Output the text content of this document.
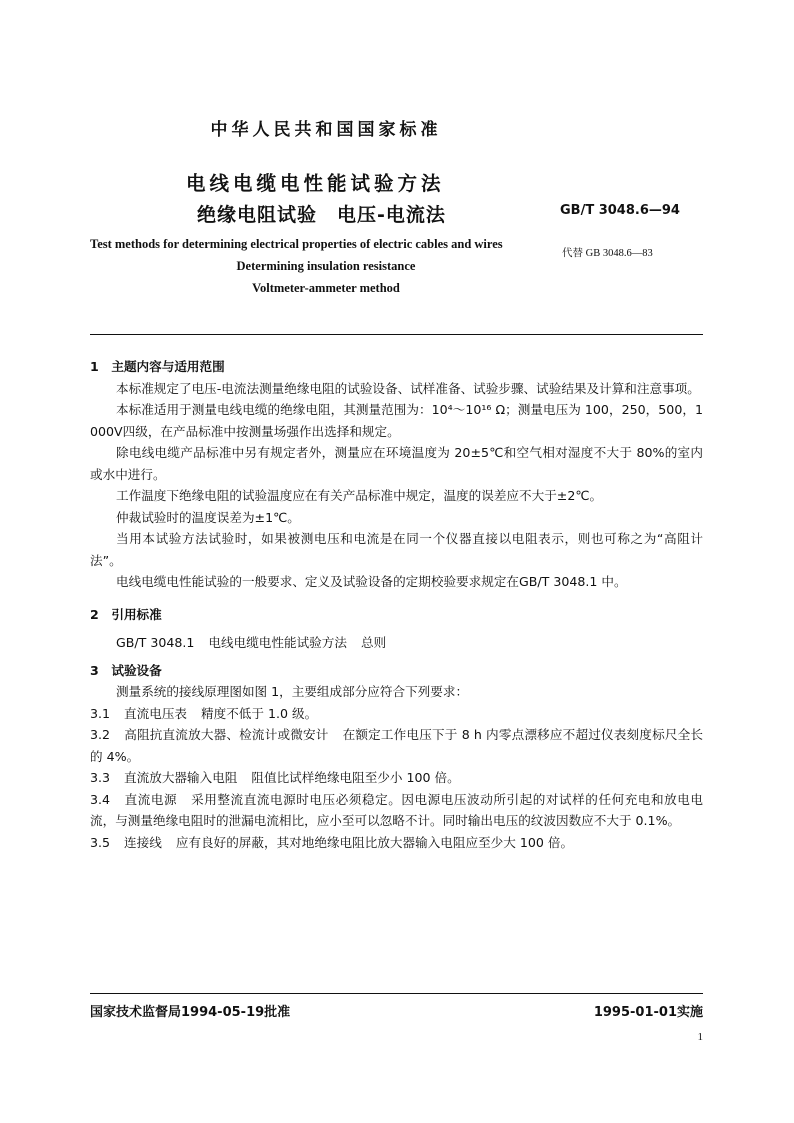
中华人民共和国国家标准
电线电缆电性能试验方法
绝缘电阻试验　电压-电流法	GB/T 3048.6—94
Test methods for determining electrical properties of electric cables and wires
代替 GB 3048.6—83
Determining insulation resistance
Voltmeter-ammeter method

1　主题内容与适用范围

本标准规定了电压-电流法测量绝缘电阻的试验设备、试样准备、试验步骤、试验结果及计算和注意事项。

本标准适用于测量电线电缆的绝缘电阻，其测量范围为：10⁴～10¹⁶ Ω；测量电压为 100，250，500，1 000V四级，在产品标准中按测量场强作出选择和规定。

除电线电缆产品标准中另有规定者外，测量应在环境温度为 20±5℃和空气相对湿度不大于 80%的室内或水中进行。

工作温度下绝缘电阻的试验温度应在有关产品标准中规定，温度的误差应不大于±2℃。

仲裁试验时的温度误差为±1℃。

当用本试验方法试验时，如果被测电压和电流是在同一个仪器直接以电阻表示，则也可称之为“高阻计法”。

电线电缆电性能试验的一般要求、定义及试验设备的定期校验要求规定在GB/T 3048.1 中。

2　引用标准

GB/T 3048.1 电线电缆电性能试验方法 总则

3　试验设备

测量系统的接线原理图如图 1，主要组成部分应符合下列要求：

3.1 直流电压表 精度不低于 1.0 级。

3.2 高阻抗直流放大器、检流计或微安计 在额定工作电压下于 8 h 内零点漂移应不超过仪表刻度标尺全长的 4%。

3.3 直流放大器输入电阻 阻值比试样绝缘电阻至少小 100 倍。

3.4 直流电源 采用整流直流电源时电压必须稳定。因电源电压波动所引起的对试样的任何充电和放电电流，与测量绝缘电阻时的泄漏电流相比，应小至可以忽略不计。同时输出电压的纹波因数应不大于 0.1%。

3.5 连接线 应有良好的屏蔽，其对地绝缘电阻比放大器输入电阻应至少大 100 倍。

国家技术监督局1994-05-19批准	1995-01-01实施
1
